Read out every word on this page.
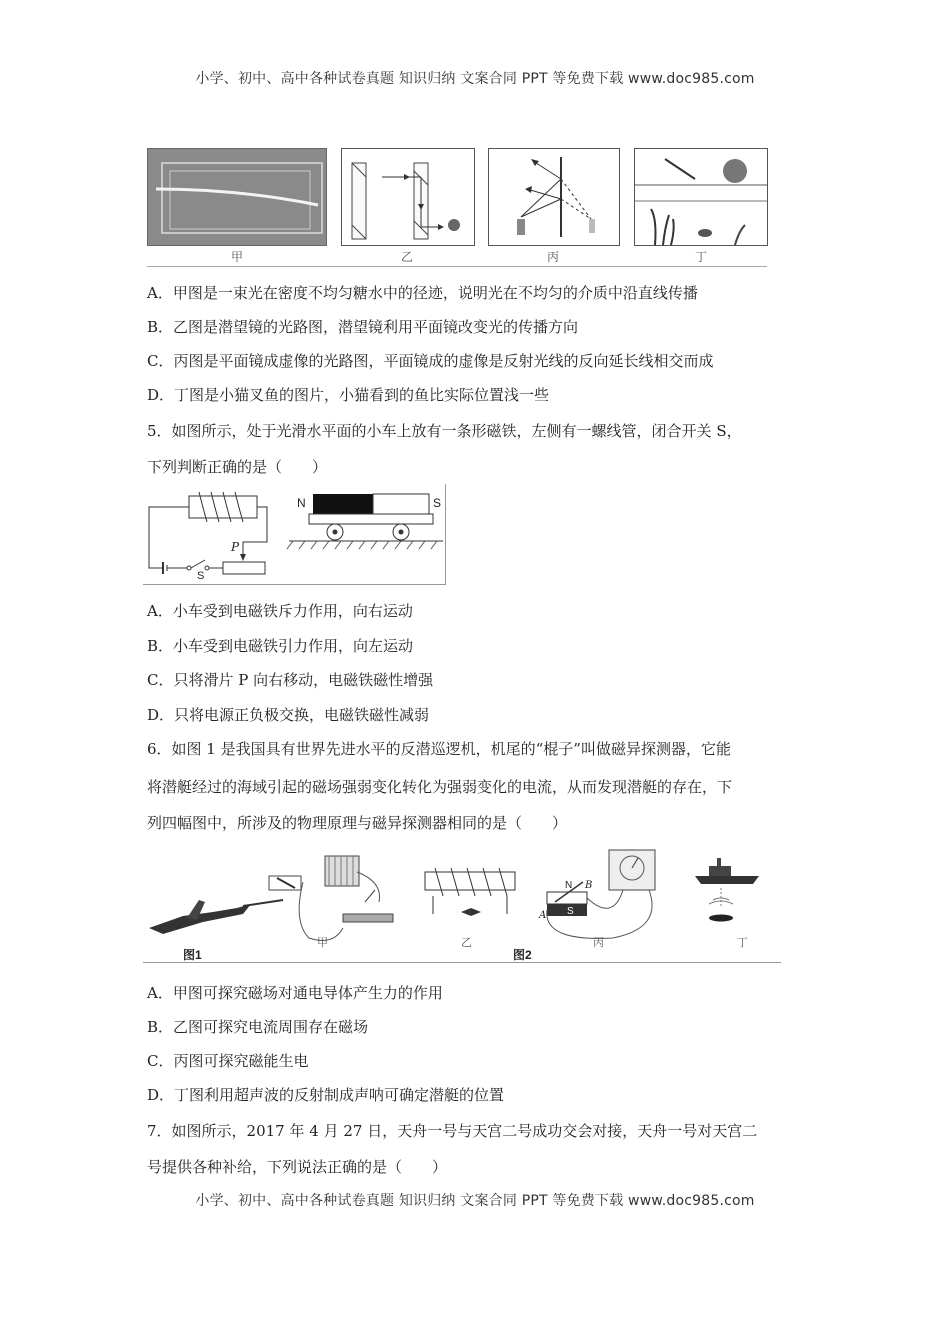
小学、初中、高中各种试卷真题 知识归纳 文案合同 PPT 等免费下载 www.doc985.com
甲	乙	丙	丁
A．甲图是一束光在密度不均匀糖水中的径迹，说明光在不均匀的介质中沿直线传播
B．乙图是潜望镜的光路图，潜望镜利用平面镜改变光的传播方向
C．丙图是平面镜成虚像的光路图，平面镜成的虚像是反射光线的反向延长线相交而成
D．丁图是小猫叉鱼的图片，小猫看到的鱼比实际位置浅一些
5．如图所示，处于光滑水平面的小车上放有一条形磁铁，左侧有一螺线管，闭合开关 S，
下列判断正确的是（　　）
N	S
P
S
A．小车受到电磁铁斥力作用，向右运动
B．小车受到电磁铁引力作用，向左运动
C．只将滑片 P 向右移动，电磁铁磁性增强
D．只将电源正负极交换，电磁铁磁性减弱
6．如图 1 是我国具有世界先进水平的反潜巡逻机，机尾的“棍子”叫做磁异探测器，它能
将潜艇经过的海域引起的磁场强弱变化转化为强弱变化的电流，从而发现潜艇的存在，下
列四幅图中，所涉及的物理原理与磁异探测器相同的是（　　）
图1	图2
甲	乙	丙	丁
N B
A S
A．甲图可探究磁场对通电导体产生力的作用
B．乙图可探究电流周围存在磁场
C．丙图可探究磁能生电
D．丁图利用超声波的反射制成声呐可确定潜艇的位置
7．如图所示，2017 年 4 月 27 日，天舟一号与天宫二号成功交会对接，天舟一号对天宫二
号提供各种补给，下列说法正确的是（　　）
小学、初中、高中各种试卷真题 知识归纳 文案合同 PPT 等免费下载 www.doc985.com
